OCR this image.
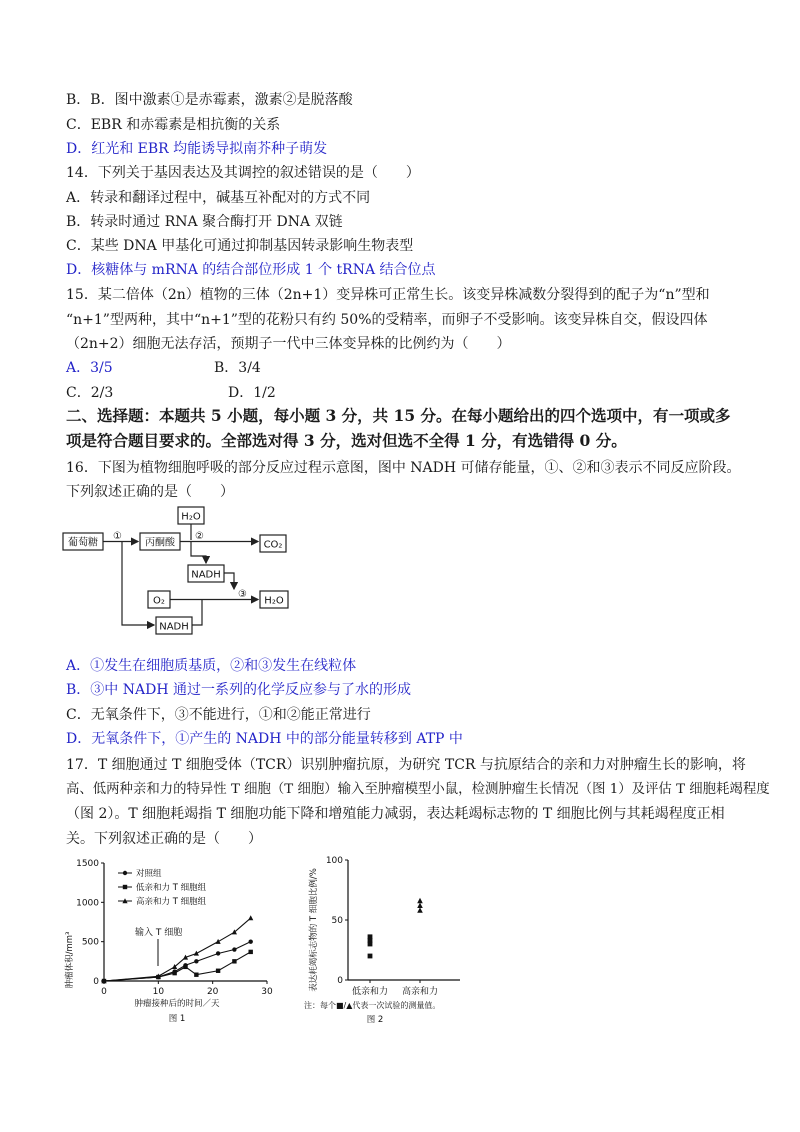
B．B．图中激素①是赤霉素，激素②是脱落酸
C．EBR 和赤霉素是相抗衡的关系
D．红光和 EBR 均能诱导拟南芥种子萌发
14．下列关于基因表达及其调控的叙述错误的是（　　）
A．转录和翻译过程中，碱基互补配对的方式不同
B．转录时通过 RNA 聚合酶打开 DNA 双链
C．某些 DNA 甲基化可通过抑制基因转录影响生物表型
D．核糖体与 mRNA 的结合部位形成 1 个 tRNA 结合位点
15．某二倍体（2n）植物的三体（2n+1）变异株可正常生长。该变异株减数分裂得到的配子为“n”型和
“n+1”型两种，其中“n+1”型的花粉只有约 50%的受精率，而卵子不受影响。该变异株自交，假设四体
（2n+2）细胞无法存活，预期子一代中三体变异株的比例约为（　　）
A．3/5	B．3/4
C．2/3	D．1/2
二、选择题：本题共 5 小题，每小题 3 分，共 15 分。在每小题给出的四个选项中，有一项或多
项是符合题目要求的。全部选对得 3 分，选对但选不全得 1 分，有选错得 0 分。
16．下图为植物细胞呼吸的部分反应过程示意图，图中 NADH 可储存能量，①、②和③表示不同反应阶段。
下列叙述正确的是（　　）
葡萄糖	丙酮酸
H₂O
CO₂
NADH
O₂	H₂O
NADH
①	②
③
A．①发生在细胞质基质，②和③发生在线粒体
B．③中 NADH 通过一系列的化学反应参与了水的形成
C．无氧条件下，③不能进行，①和②能正常进行
D．无氧条件下，①产生的 NADH 中的部分能量转移到 ATP 中
17．T 细胞通过 T 细胞受体（TCR）识别肿瘤抗原，为研究 TCR 与抗原结合的亲和力对肿瘤生长的影响，将
高、低两种亲和力的特异性 T 细胞（T 细胞）输入至肿瘤模型小鼠，检测肿瘤生长情况（图 1）及评估 T 细胞耗竭程度
（图 2）。T 细胞耗竭指 T 细胞功能下降和增殖能力减弱，表达耗竭标志物的 T 细胞比例与其耗竭程度正相
关。下列叙述正确的是（　　）
0
500
1000
1500
0	10	20	30
肿瘤体积/mm³
肿瘤接种后的时间／天
图 1
输入 T 细胞
对照组
低亲和力 T 细胞组
高亲和力 T 细胞组
0
50
100
低亲和力 高亲和力
表达耗竭标志物的 T 细胞比例/%
注：每个■/▲代表一次试验的测量值。
图 2
